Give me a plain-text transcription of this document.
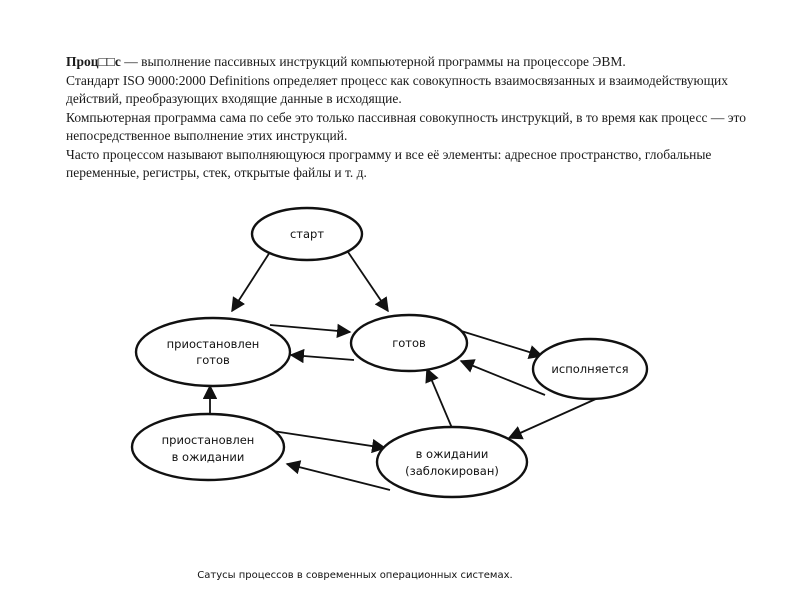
Проц□□с — выполнение пассивных инструкций компьютерной программы на процессоре ЭВМ.

Стандарт ISO 9000:2000 Definitions определяет процесс как совокупность взаимосвязанных и взаимодействующих действий, преобразующих входящие данные в исходящие.

Компьютерная программа сама по себе это только пассивная совокупность инструкций, в то время как процесс — это непосредственное выполнение этих инструкций.

Часто процессом называют выполняющуюся программу и все её элементы: адресное пространство, глобальные переменные, регистры, стек, открытые файлы и т. д.

старт
приостановлен
готов
готов
исполняется
приостановлен
в ожидании	в ожидании
(заблокирован)
Сатусы процессов в современных операционных системах.
